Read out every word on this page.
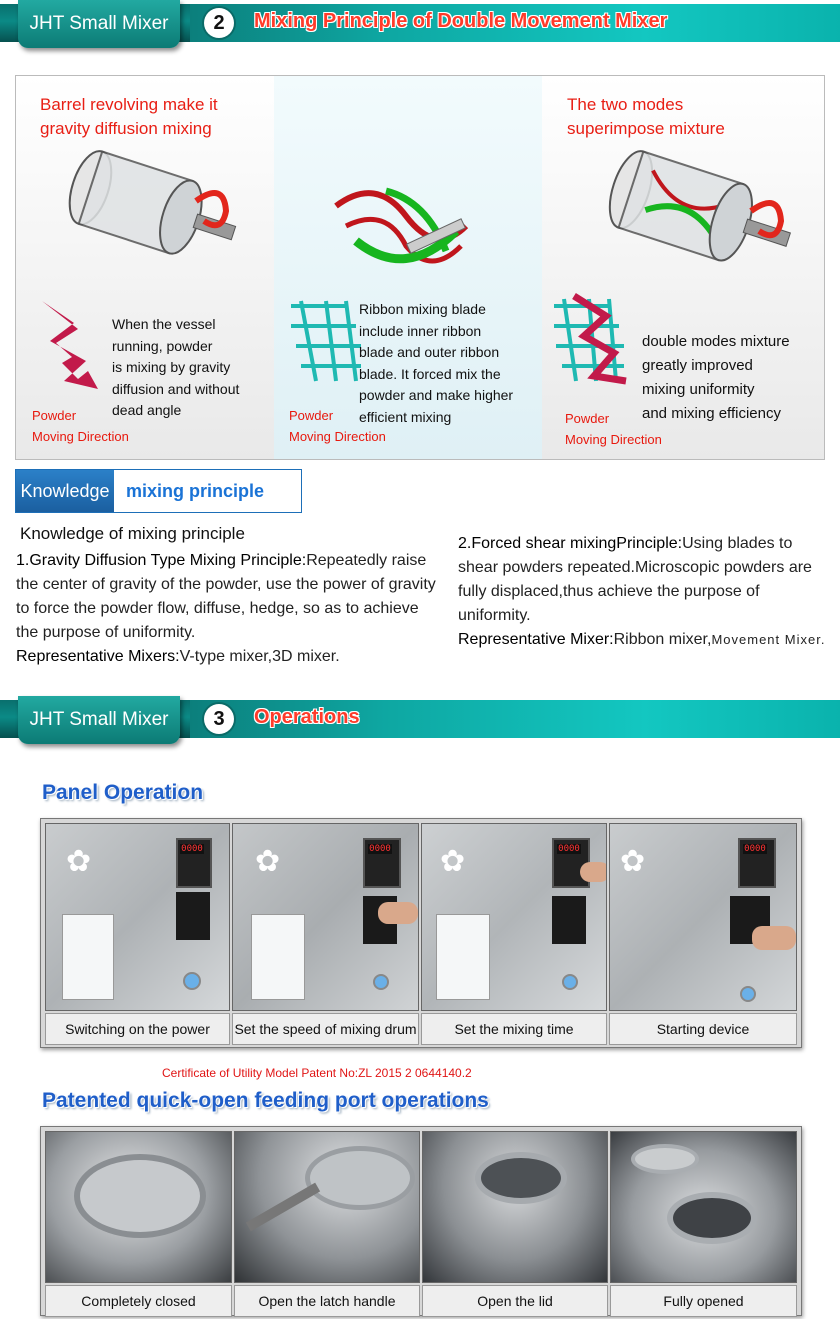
JHT Small Mixer	2	Mixing Principle of Double Movement Mixer
Barrel revolving make it
gravity diffusion mixing
When the vessel
running, powder
is mixing by gravity
diffusion and without
dead angle
Powder
Moving Direction
Ribbon mixing blade
include inner ribbon
blade and outer ribbon
blade. It forced mix the
powder and make higher
efficient mixing
Powder
Moving Direction
The two modes
superimpose mixture
double modes mixture
greatly improved
mixing uniformity
and mixing efficiency
Powder
Moving Direction
Knowledge mixing principle
Knowledge of mixing principle
1.Gravity Diffusion Type Mixing Principle:Repeatedly raise the center of gravity of the powder, use the power of gravity to force the powder flow, diffuse, hedge, so as to achieve the purpose of uniformity.
Representative Mixers:V-type mixer,3D mixer.
2.Forced shear mixingPrinciple:Using blades to shear powders repeated.Microscopic powders are fully displaced,thus achieve the purpose of uniformity.
Representative Mixer:Ribbon mixer,Movement Mixer.
JHT Small Mixer	3	Operations
Panel Operation
✿	0000
Switching on the power
✿	0000
Set the speed of mixing drum
✿	0000
Set the mixing time
✿	0000
Starting device
Certificate of Utility Model Patent No:ZL 2015 2 0644140.2
Patented quick-open feeding port operations
Completely closed	Open the latch handle	Open the lid	Fully opened
